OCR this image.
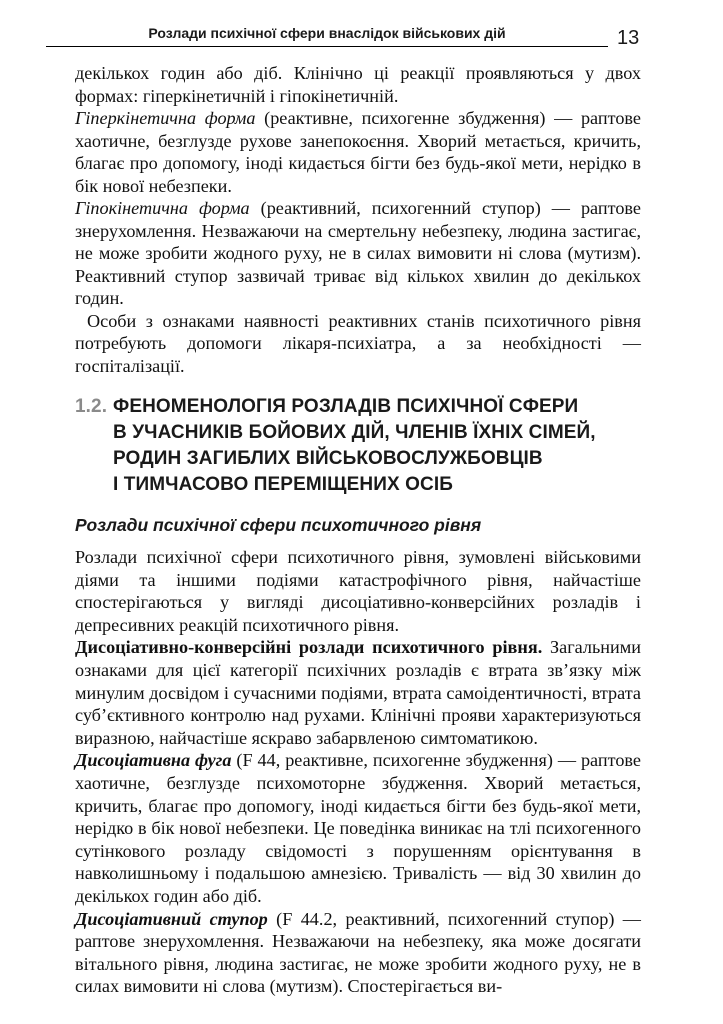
Розлади психічної сфери внаслідок військових дій	13

декількох годин або діб. Клінічно ці реакції проявляються у двох формах: гіперкінетичній і гіпокінетичній.

Гіперкінетична форма (реактивне, психогенне збудження) — раптове хаотичне, безглузде рухове занепокоєння. Хворий метається, кричить, благає про допомогу, іноді кидається бігти без будь-якої мети, нерідко в бік нової небезпеки.

Гіпокінетична форма (реактивний, психогенний ступор) — раптове знерухомлення. Незважаючи на смертельну небезпеку, людина застигає, не може зробити жодного руху, не в силах вимовити ні слова (мутизм). Реактивний ступор зазвичай триває від кількох хвилин до декількох годин.

Особи з ознаками наявності реактивних станів психотичного рівня потребують допомоги лікаря-психіатра, а за необхідності — госпіталізації.

1.2. ФЕНОМЕНОЛОГІЯ РОЗЛАДІВ ПСИХІЧНОЇ СФЕРИ
В УЧАСНИКІВ БОЙОВИХ ДІЙ, ЧЛЕНІВ ЇХНІХ СІМЕЙ,
РОДИН ЗАГИБЛИХ ВІЙСЬКОВОСЛУЖБОВЦІВ
І ТИМЧАСОВО ПЕРЕМІЩЕНИХ ОСІБ
Розлади психічної сфери психотичного рівня

Розлади психічної сфери психотичного рівня, зумовлені військовими діями та іншими подіями катастрофічного рівня, найчастіше спостерігаються у вигляді дисоціативно-конверсійних розладів і депресивних реакцій психотичного рівня.

Дисоціативно-конверсійні розлади психотичного рівня. Загальними ознаками для цієї категорії психічних розладів є втрата зв’язку між минулим досвідом і сучасними подіями, втрата самоідентичності, втрата суб’єктивного контролю над рухами. Клінічні прояви характеризуються виразною, найчастіше яскраво забарвленою симтоматикою.

Дисоціативна фуга (F 44, реактивне, психогенне збудження) — раптове хаотичне, безглузде психомоторне збудження. Хворий метається, кричить, благає про допомогу, іноді кидається бігти без будь-якої мети, нерідко в бік нової небезпеки. Це поведінка виникає на тлі психогенного сутінкового розладу свідомості з порушенням орієнтування в навколишньому і подальшою амнезією. Тривалість — від 30 хвилин до декількох годин або діб.

Дисоціативний ступор (F 44.2, реактивний, психогенний ступор) — раптове знерухомлення. Незважаючи на небезпеку, яка може досягати вітального рівня, людина застигає, не може зробити жодного руху, не в силах вимовити ні слова (мутизм). Спостерігається ви-
